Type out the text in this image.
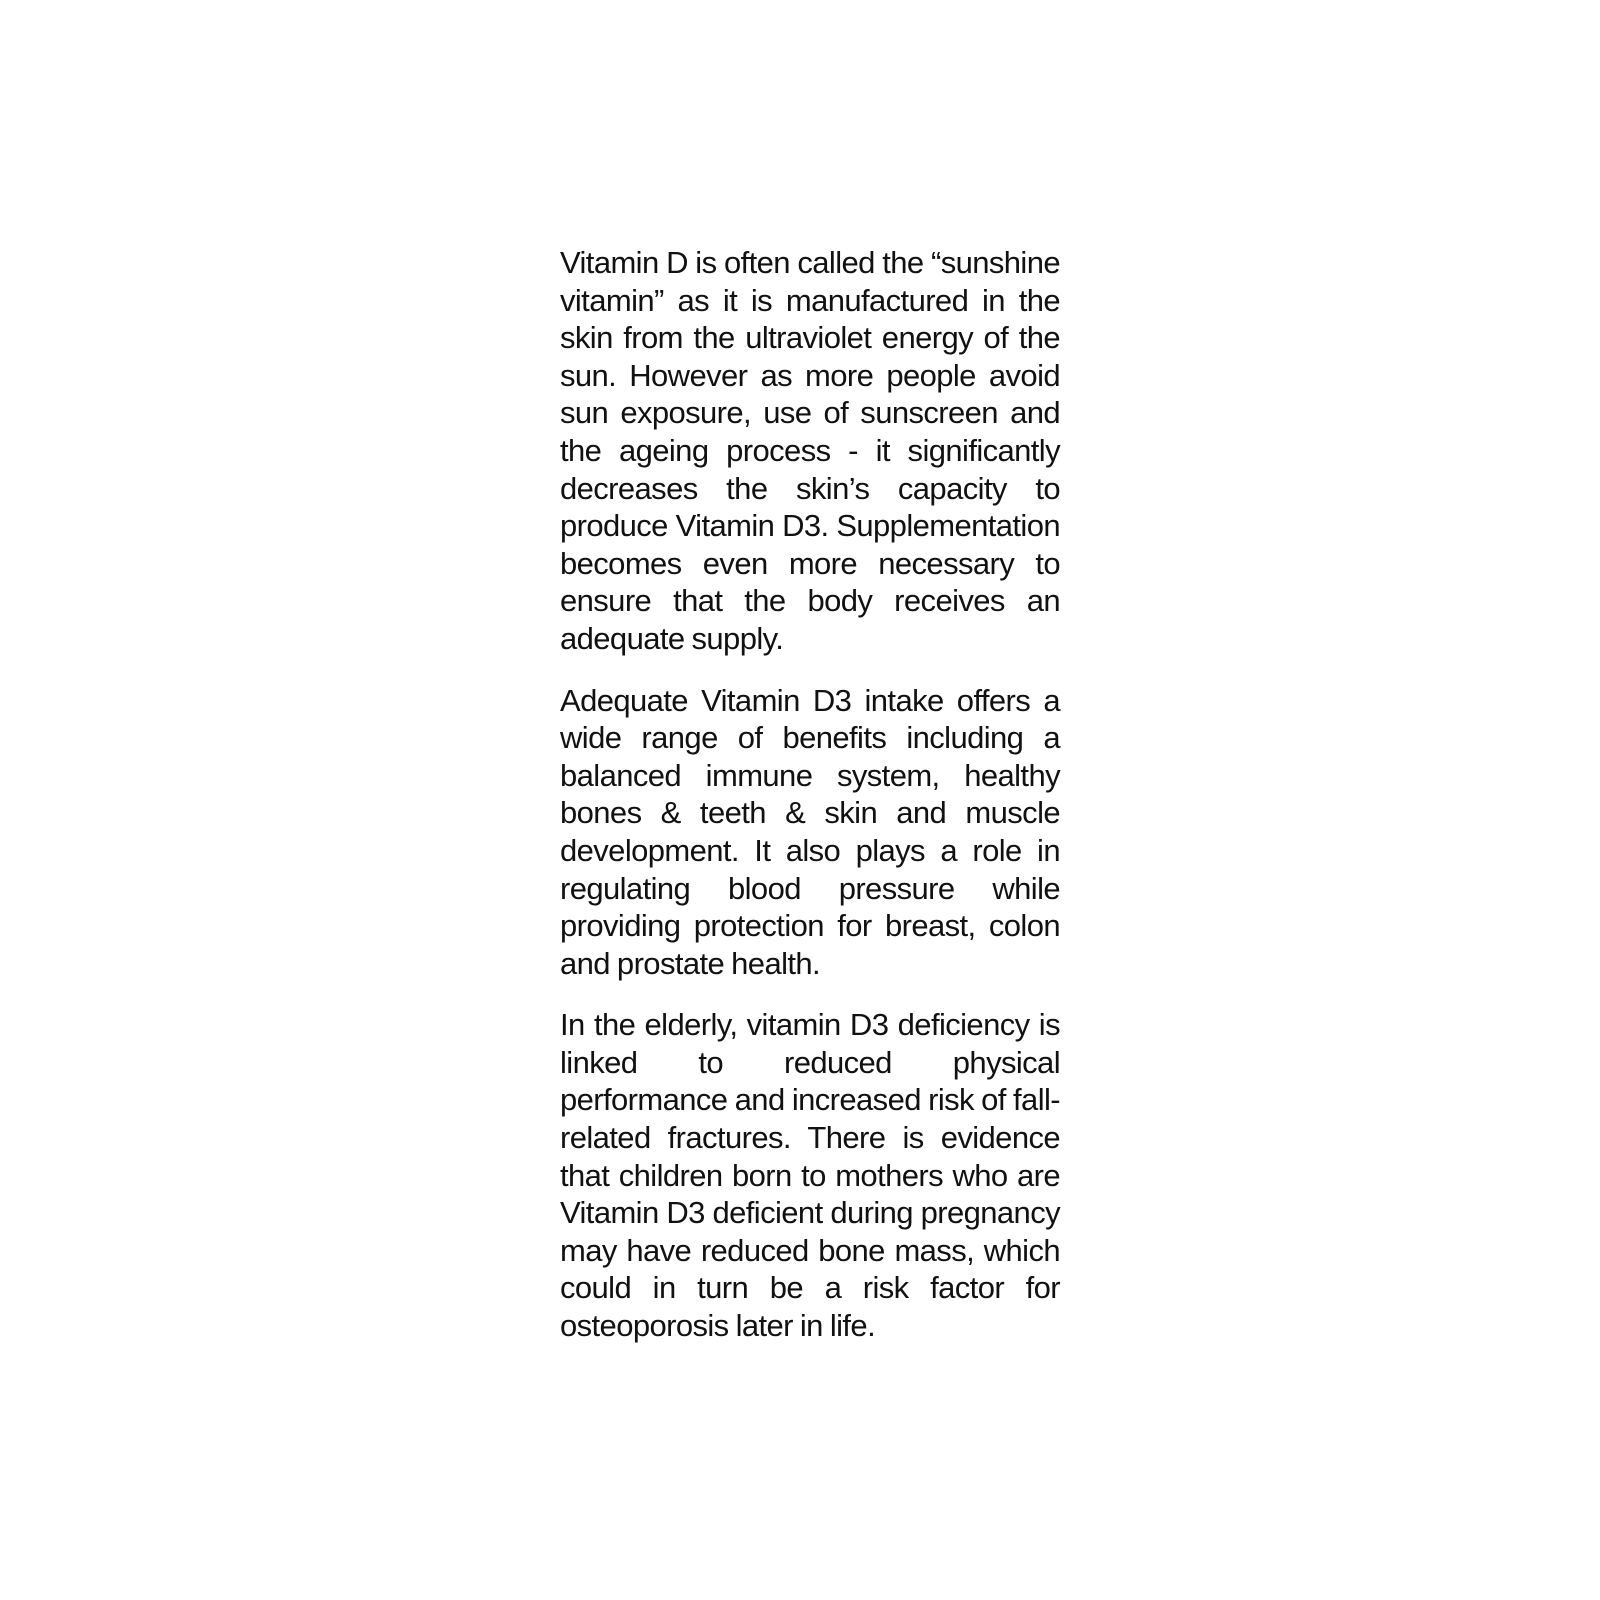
Vitamin D is often called the “sunshine vitamin” as it is manufactured in the skin from the ultraviolet energy of the sun. However as more people avoid sun exposure, use of sunscreen and the ageing process - it significantly decreases the skin’s capacity to produce Vitamin D3. Supplementation becomes even more necessary to ensure that the body receives an adequate supply.

Adequate Vitamin D3 intake offers a wide range of benefits including a balanced immune system, healthy bones & teeth & skin and muscle development. It also plays a role in regulating blood pressure while providing protection for breast, colon and prostate health.

In the elderly, vitamin D3 deficiency is linked to reduced physical performance and increased risk of fall-related fractures. There is evidence that children born to mothers who are Vitamin D3 deficient during pregnancy may have reduced bone mass, which could in turn be a risk factor for osteoporosis later in life.
